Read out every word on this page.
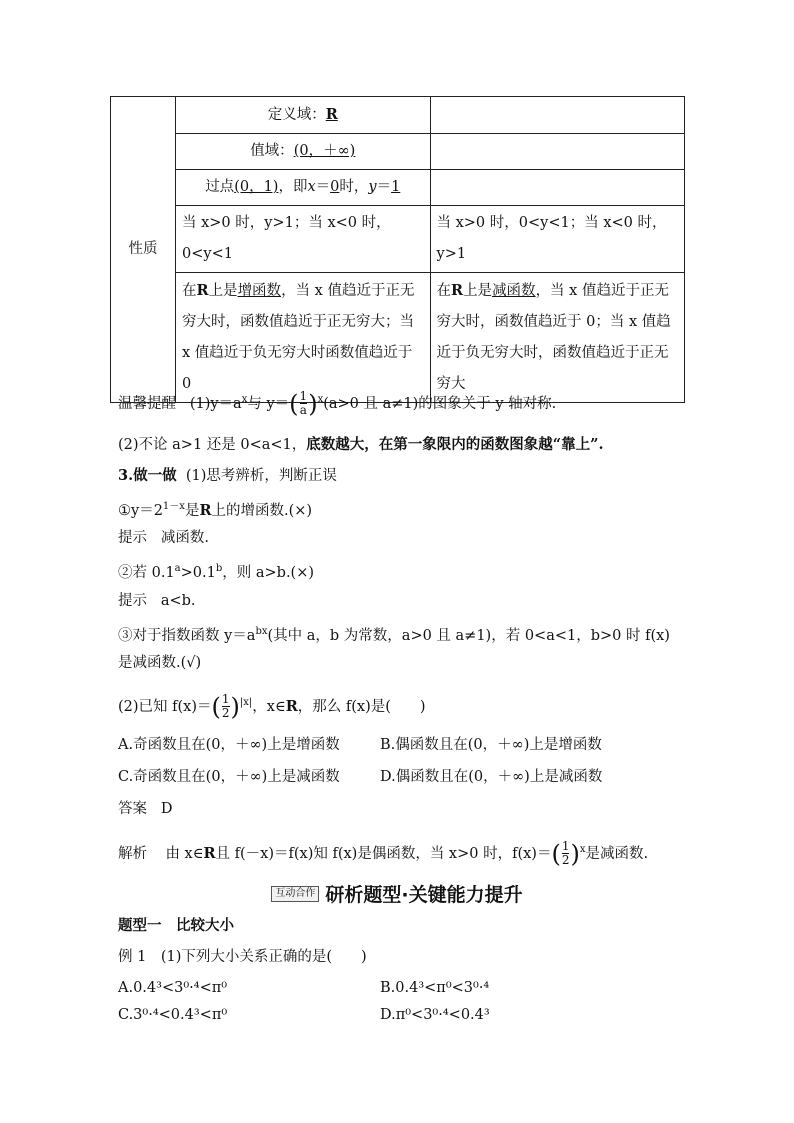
性质	定义域：R	
	值域：(0，＋∞)	
	过点(0，1)，即x＝0时，y＝1	
	当 x>0 时，y>1；当 x<0 时，0<y<1	当 x>0 时，0<y<1；当 x<0 时，y>1
	在R上是增函数，当 x 值趋近于正无穷大时，函数值趋近于正无穷大；当 x 值趋近于负无穷大时函数值趋近于 0	在R上是减函数，当 x 值趋近于正无穷大时，函数值趋近于 0；当 x 值趋近于负无穷大时，函数值趋近于正无穷大
温馨提醒 $(1)y=a^x$与 $y=( \frac{1}{a} )^x(a>0$ 且 a≠1)的图象关于 y 轴对称.
(2)不论 a>1 还是 0<a<1，底数越大，在第一象限内的函数图象越“靠上”.
3.做一做 (1)思考辨析，判断正误
$①y=2^{1-x}$是R上的增函数.(×)
提示 减函数.
②若 0.1$^a$>0.1$^b$，则 a>b.(×)
提示 a<b.
③对于指数函数 $y=a^{bx}$(其中 a，b 为常数，a>0 且 a≠1)，若 0<a<1，b>0 时 f(x)
是减函数.(√)
(2)已知 $f(x)=( \frac{1}{2} )^{|x|}$，x∈R，那么 f(x)是(　　)
A.奇函数且在(0，＋∞)上是增函数	B.偶函数且在(0，＋∞)上是增函数
C.奇函数且在(0，＋∞)上是减函数	D.偶函数且在(0，＋∞)上是减函数
答案 D
解析 由 x∈R且 f(－x)＝f(x)知 f(x)是偶函数，当 x>0 时，$f(x)=( \frac{1}{2} )^x$是减函数.
互动合作 研析题型·关键能力提升
题型一　比较大小
例 1　(1)下列大小关系正确的是(　　)
A.0.4³<3⁰·⁴<π⁰	B.0.4³<π⁰<3⁰·⁴
C.3⁰·⁴<0.4³<π⁰	D.π⁰<3⁰·⁴<0.4³
